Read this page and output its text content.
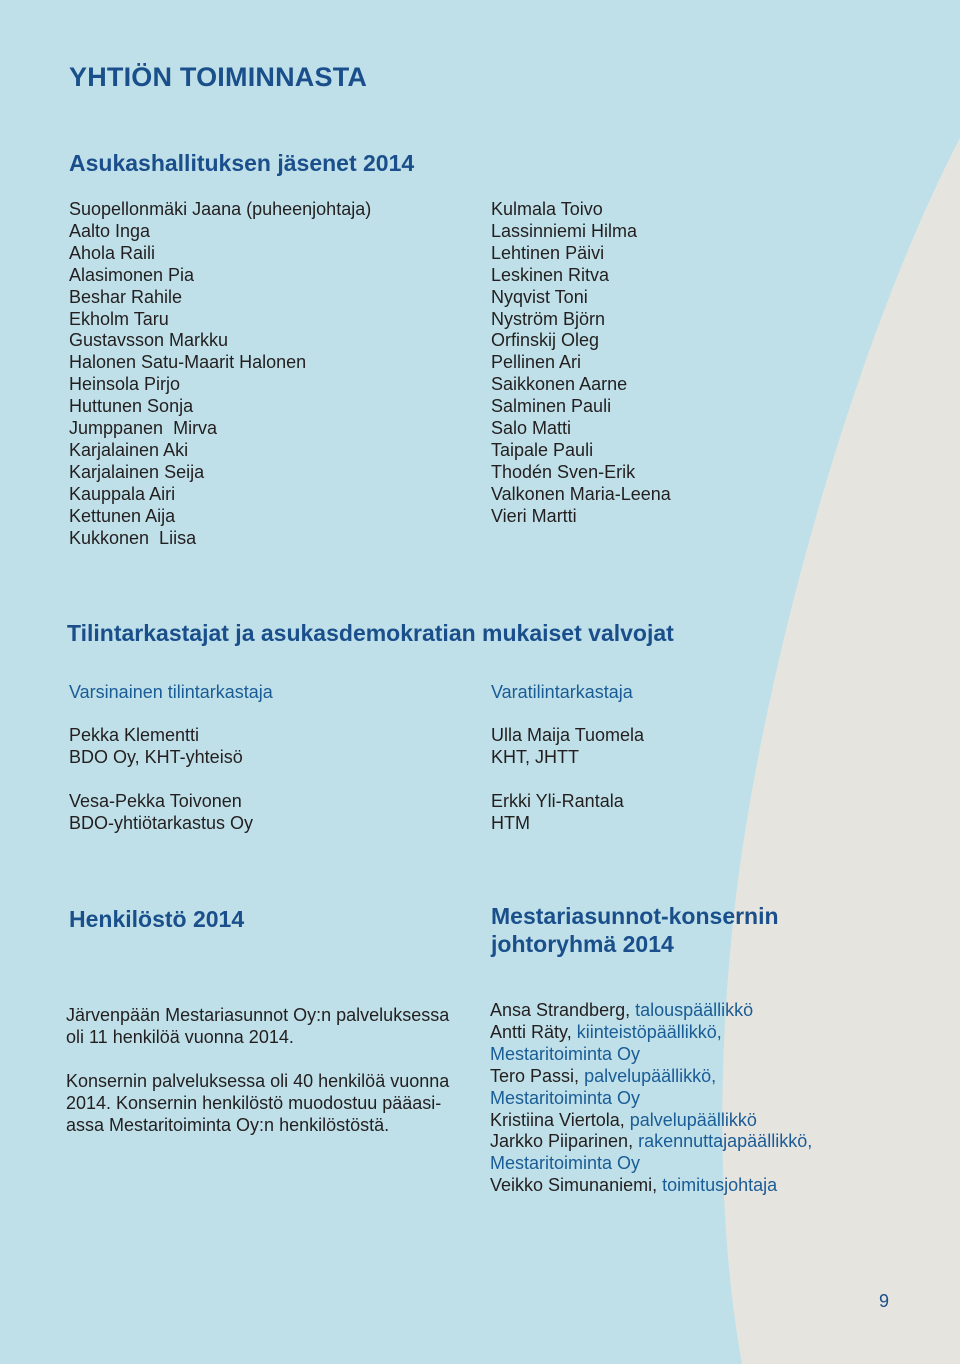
YHTIÖN TOIMINNASTA
Asukashallituksen jäsenet 2014
Suopellonmäki Jaana (puheenjohtaja)
Aalto Inga
Ahola Raili
Alasimonen Pia
Beshar Rahile
Ekholm Taru
Gustavsson Markku
Halonen Satu-Maarit Halonen
Heinsola Pirjo
Huttunen Sonja
Jumppanen  Mirva
Karjalainen Aki
Karjalainen Seija
Kauppala Airi
Kettunen Aija
Kukkonen  Liisa
Kulmala Toivo
Lassinniemi Hilma
Lehtinen Päivi
Leskinen Ritva
Nyqvist Toni
Nyström Björn
Orfinskij Oleg
Pellinen Ari
Saikkonen Aarne
Salminen Pauli
Salo Matti
Taipale Pauli
Thodén Sven-Erik
Valkonen Maria-Leena
Vieri Martti
Tilintarkastajat ja asukasdemokratian mukaiset valvojat
Varsinainen tilintarkastaja
Pekka Klementti
BDO Oy, KHT-yhteisö
Vesa-Pekka Toivonen
BDO-yhtiötarkastus Oy
Varatilintarkastaja
Ulla Maija Tuomela
KHT, JHTT
Erkki Yli-Rantala
HTM
Henkilöstö 2014

Järvenpään Mestariasunnot Oy:n palveluksessa
oli 11 henkilöä vuonna 2014.

Konsernin palveluksessa oli 40 henkilöä vuonna
2014. Konsernin henkilöstö muodostuu pääasi-
assa Mestaritoiminta Oy:n henkilöstöstä.

Mestariasunnot-konsernin
johtoryhmä 2014
Ansa Strandberg, talouspäällikkö
Antti Räty, kiinteistöpäällikkö,
Mestaritoiminta Oy
Tero Passi, palvelupäällikkö,
Mestaritoiminta Oy
Kristiina Viertola, palvelupäällikkö
Jarkko Piiparinen, rakennuttajapäällikkö,
Mestaritoiminta Oy
Veikko Simunaniemi, toimitusjohtaja
9
